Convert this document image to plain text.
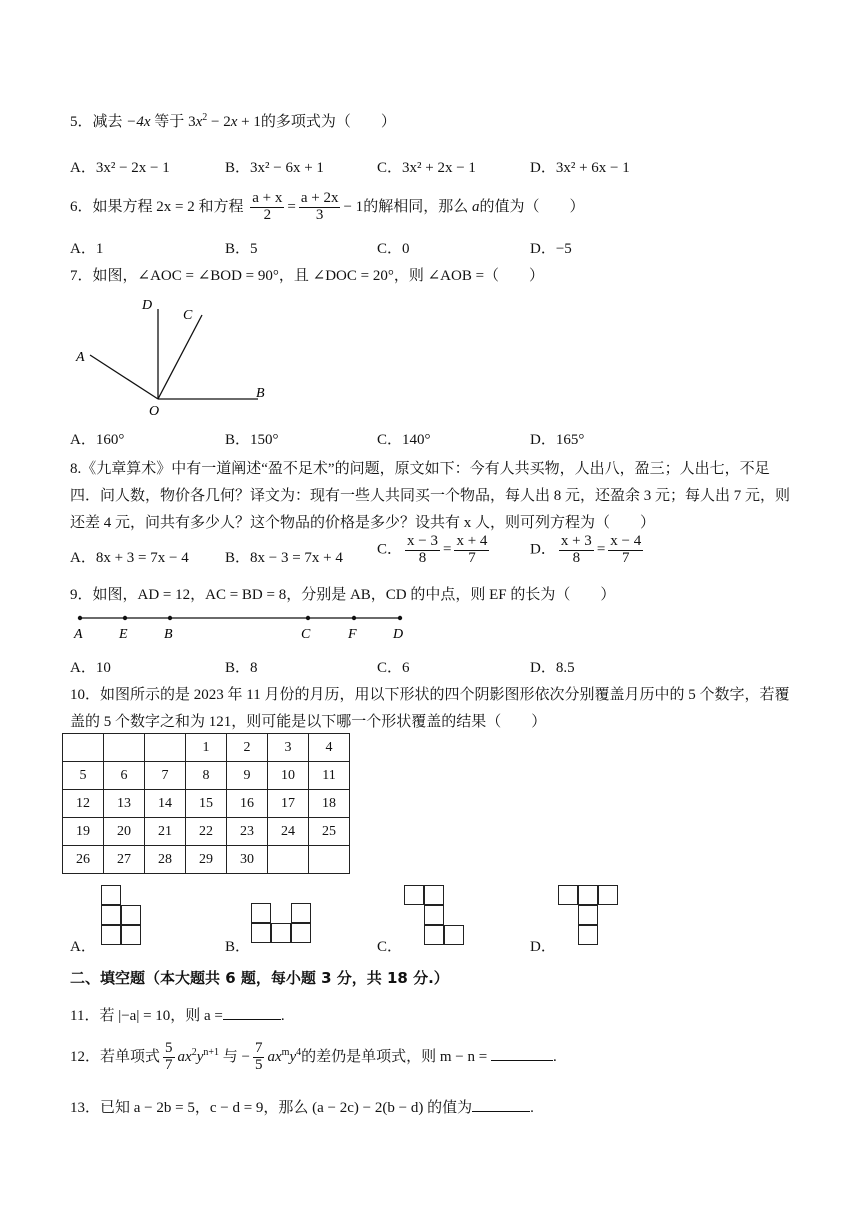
5．减去 −4x 等于 $3x^2 - 2x + 1$的多项式为（　　）
A．3x² − 2x − 1	B．3x² − 6x + 1	C．3x² + 2x − 1	D．3x² + 6x − 1
6．如果方程 2x = 2 和方程 $\frac{a + x}{2} = \frac{a + 2x}{3} - 1$的解相同，那么 a的值为（　　）
A．1	B．5	C．0	D．−5
7．如图，∠AOC = ∠BOD = 90°，且 ∠DOC = 20°，则 ∠AOB =（　　）
D
C
A
O
B
A．160°	B．150°	C．140°	D．165°
8.《九章算术》中有一道阐述“盈不足术”的问题，原文如下：今有人共买物，人出八，盈三；人出七，不足
四．问人数，物价各几何？译文为：现有一些人共同买一个物品，每人出 8 元，还盈余 3 元；每人出 7 元，则
还差 4 元，问共有多少人？这个物品的价格是多少？设共有 x 人，则可列方程为（　　）
A．8x + 3 = 7x − 4 B．8x − 3 = 7x + 4
C． $\frac{x - 3}{8} = \frac{x + 4}{7}$	D． $\frac{x + 3}{8} = \frac{x - 4}{7}$
9．如图，AD = 12，AC = BD = 8，分别是 AB，CD 的中点，则 EF 的长为（　　）
A	E	B	C	F	D
A．10	B．8	C．6	D．8.5
10．如图所示的是 2023 年 11 月份的月历，用以下形状的四个阴影图形依次分别覆盖月历中的 5 个数字，若覆
盖的 5 个数字之和为 121，则可能是以下哪一个形状覆盖的结果（　　）
			1	2	3	4
5	6	7	8	9	10	11
12	13	14	15	16	17	18
19	20	21	22	23	24	25
26	27	28	29	30		
A．	B．	C．	D．
二、填空题（本大题共 6 题，每小题 3 分，共 18 分.）
11．若 |−a| = 10，则 a =	.
12．若单项式 $\frac{5}{7} ax^2y^{n+1}$ 与 − $\frac{7}{5} ax^my^4$的差仍是单项式，则 m − n =	.
13．已知 a − 2b = 5，c − d = 9，那么 (a − 2c) − 2(b − d) 的值为	.
